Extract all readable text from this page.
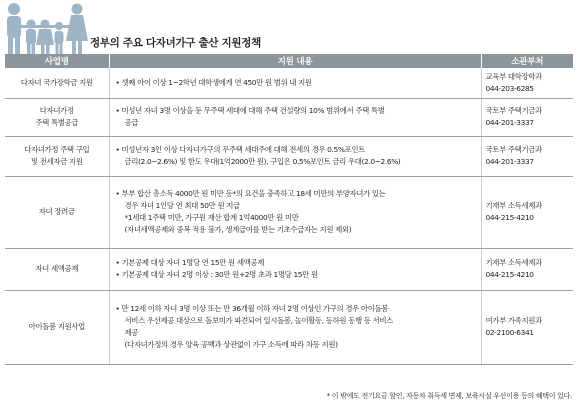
정부의 주요 다자녀가구 출산 지원정책
사업명	지원 내용	소관부처

다자녀 국가장학금 지원	• 셋째 아이 이상 1~2학년 대학생에게 연 450만 원 범위 내 지원	교육부 대학장학과
044-203-6285

다자녀가정
주택 특별공급	• 미성년 자녀 3명 이상을 둔 무주택 세대에 대해 주택 건설량의 10% 범위에서 주택 특별
공급	국토부 주택기금과
044-201-3337

다자녀가정 주택 구입
및 전세자금 지원	• 미성년자 3인 이상 다자녀가구의 무주택 세대주에 대해 전세의 경우 0.5%포인트
금리(2.0~2.6%) 및 한도 우대(1억2000만 원), 구입은 0.5%포인트 금리 우대(2.0~2.6%)	국토부 주택기금과
044-201-3337

자녀 장려금	• 부부 합산 총소득 4000만 원 미만 등*의 요건을 충족하고 18세 미만의 부양자녀가 있는
경우 자녀 1인당 연 최대 50만 원 지급
*1세대 1주택 미만, 가구원 재산 합계 1억4000만 원 미만
(자녀세액공제와 중복 적용 불가, 생계급여를 받는 기초수급자는 지원 제외)	기재부 소득세제과
044-215-4210

자녀 세액공제	• 기본공제 대상 자녀 1명당 연 15만 원 세액공제
• 기본공제 대상 자녀 2명 이상 : 30만 원+2명 초과 1명당 15만 원	기재부 소득세제과
044-215-4210

아이돌봄 지원사업	• 만 12세 이하 자녀 3명 이상 또는 만 36개월 이하 자녀 2명 이상인 가구의 경우 아이돌봄
서비스 우선제공 대상으로 돌보미가 파견되어 일시돌봄, 놀이활동, 등하원 동행 등 서비스
제공
(다자녀가정의 경우 양육 공백과 상관없이 가구 소득에 따라 차등 지원)	여가부 가족지원과
02-2100-6341
* 이 밖에도 전기요금 할인, 자동차 취득세 면제, 보육시설 우선이용 등의 혜택이 있다.
